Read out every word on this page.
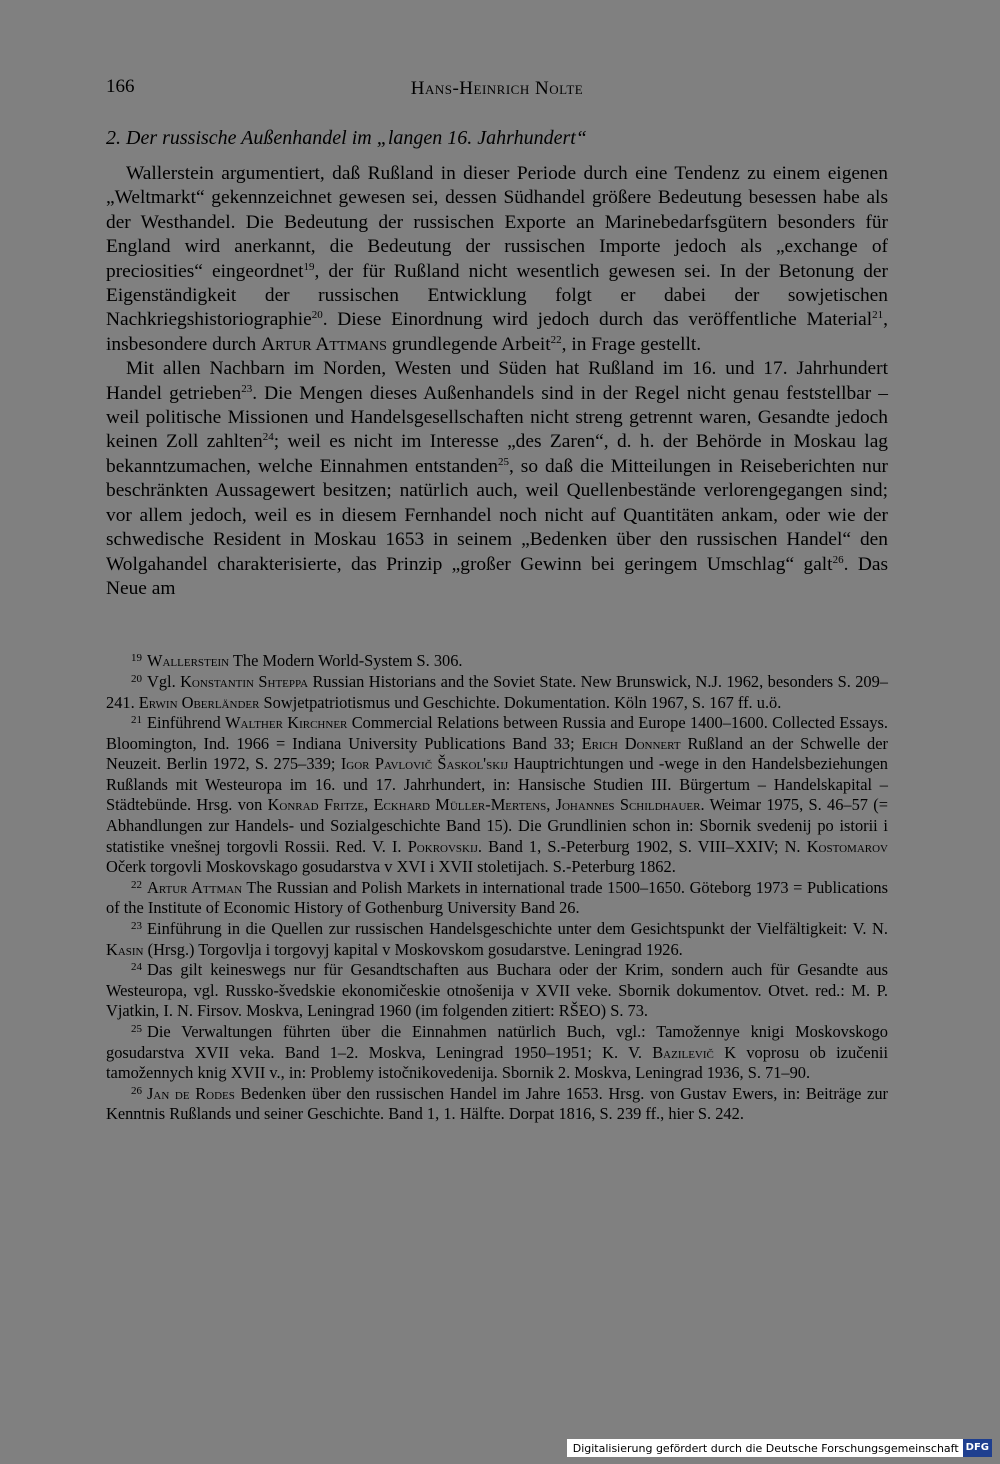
166	Hans-Heinrich Nolte
2. Der russische Außenhandel im „langen 16. Jahrhundert“

Wallerstein argumentiert, daß Rußland in dieser Periode durch eine Tendenz zu einem eigenen „Weltmarkt“ gekennzeichnet gewesen sei, dessen Südhandel größere Bedeutung besessen habe als der Westhandel. Die Bedeutung der russischen Exporte an Marinebedarfsgütern besonders für England wird anerkannt, die Bedeutung der russischen Importe jedoch als „exchange of preciosities“ eingeordnet$^{19}$, der für Rußland nicht wesentlich gewesen sei. In der Betonung der Eigenständigkeit der russischen Entwicklung folgt er dabei der sowjetischen Nachkriegshistoriographie$^{20}$. Diese Einordnung wird jedoch durch das veröffentliche Material$^{21}$, insbesondere durch Artur Attmans grundlegende Arbeit$^{22}$, in Frage gestellt.

Mit allen Nachbarn im Norden, Westen und Süden hat Rußland im 16. und 17. Jahrhundert Handel getrieben$^{23}$. Die Mengen dieses Außenhandels sind in der Regel nicht genau feststellbar – weil politische Missionen und Handelsgesellschaften nicht streng getrennt waren, Gesandte jedoch keinen Zoll zahlten$^{24}$; weil es nicht im Interesse „des Zaren“, d. h. der Behörde in Moskau lag bekanntzumachen, welche Einnahmen entstanden$^{25}$, so daß die Mitteilungen in Reiseberichten nur beschränkten Aussagewert besitzen; natürlich auch, weil Quellenbestände verlorengegangen sind; vor allem jedoch, weil es in diesem Fernhandel noch nicht auf Quantitäten ankam, oder wie der schwedische Resident in Moskau 1653 in seinem „Bedenken über den russischen Handel“ den Wolgahandel charakterisierte, das Prinzip „großer Gewinn bei geringem Umschlag“ galt$^{26}$. Das Neue am

$^{19}$ Wallerstein The Modern World-System S. 306.

$^{20}$ Vgl. Konstantin Shteppa Russian Historians and the Soviet State. New Brunswick, N.J. 1962, besonders S. 209–241. Erwin Oberländer Sowjetpatriotismus und Geschichte. Dokumentation. Köln 1967, S. 167 ff. u.ö.

$^{21}$ Einführend Walther Kirchner Commercial Relations between Russia and Europe 1400–1600. Collected Essays. Bloomington, Ind. 1966 = Indiana University Publications Band 33; Erich Donnert Rußland an der Schwelle der Neuzeit. Berlin 1972, S. 275–339; Igor Pavlovič Šaskol'skij Hauptrichtungen und -wege in den Handelsbeziehungen Rußlands mit Westeuropa im 16. und 17. Jahrhundert, in: Hansische Studien III. Bürgertum – Handelskapital – Städtebünde. Hrsg. von Konrad Fritze, Eckhard Müller-Mertens, Johannes Schildhauer. Weimar 1975, S. 46–57 (= Abhandlungen zur Handels- und Sozialgeschichte Band 15). Die Grundlinien schon in: Sbornik svedenij po istorii i statistike vnešnej torgovli Rossii. Red. V. I. Pokrovskij. Band 1, S.-Peterburg 1902, S. VIII–XXIV; N. Kostomarov Očerk torgovli Moskovskago gosudarstva v XVI i XVII stoletijach. S.-Peterburg 1862.

$^{22}$ Artur Attman The Russian and Polish Markets in international trade 1500–1650. Göteborg 1973 = Publications of the Institute of Economic History of Gothenburg University Band 26.

$^{23}$ Einführung in die Quellen zur russischen Handelsgeschichte unter dem Gesichtspunkt der Vielfältigkeit: V. N. Kasin (Hrsg.) Torgovlja i torgovyj kapital v Moskovskom gosudarstve. Leningrad 1926.

$^{24}$ Das gilt keineswegs nur für Gesandtschaften aus Buchara oder der Krim, sondern auch für Gesandte aus Westeuropa, vgl. Russko-švedskie ekonomičeskie otnošenija v XVII veke. Sbornik dokumentov. Otvet. red.: M. P. Vjatkin, I. N. Firsov. Moskva, Leningrad 1960 (im folgenden zitiert: RŠEO) S. 73.

$^{25}$ Die Verwaltungen führten über die Einnahmen natürlich Buch, vgl.: Tamožennye knigi Moskovskogo gosudarstva XVII veka. Band 1–2. Moskva, Leningrad 1950–1951; K. V. Bazilevič K voprosu ob izučenii tamožennych knig XVII v., in: Problemy istočnikovedenija. Sbornik 2. Moskva, Leningrad 1936, S. 71–90.

$^{26}$ Jan de Rodes Bedenken über den russischen Handel im Jahre 1653. Hrsg. von Gustav Ewers, in: Beiträge zur Kenntnis Rußlands und seiner Geschichte. Band 1, 1. Hälfte. Dorpat 1816, S. 239 ff., hier S. 242.

Digitalisierung gefördert durch die Deutsche Forschungsgemeinschaft DFG
